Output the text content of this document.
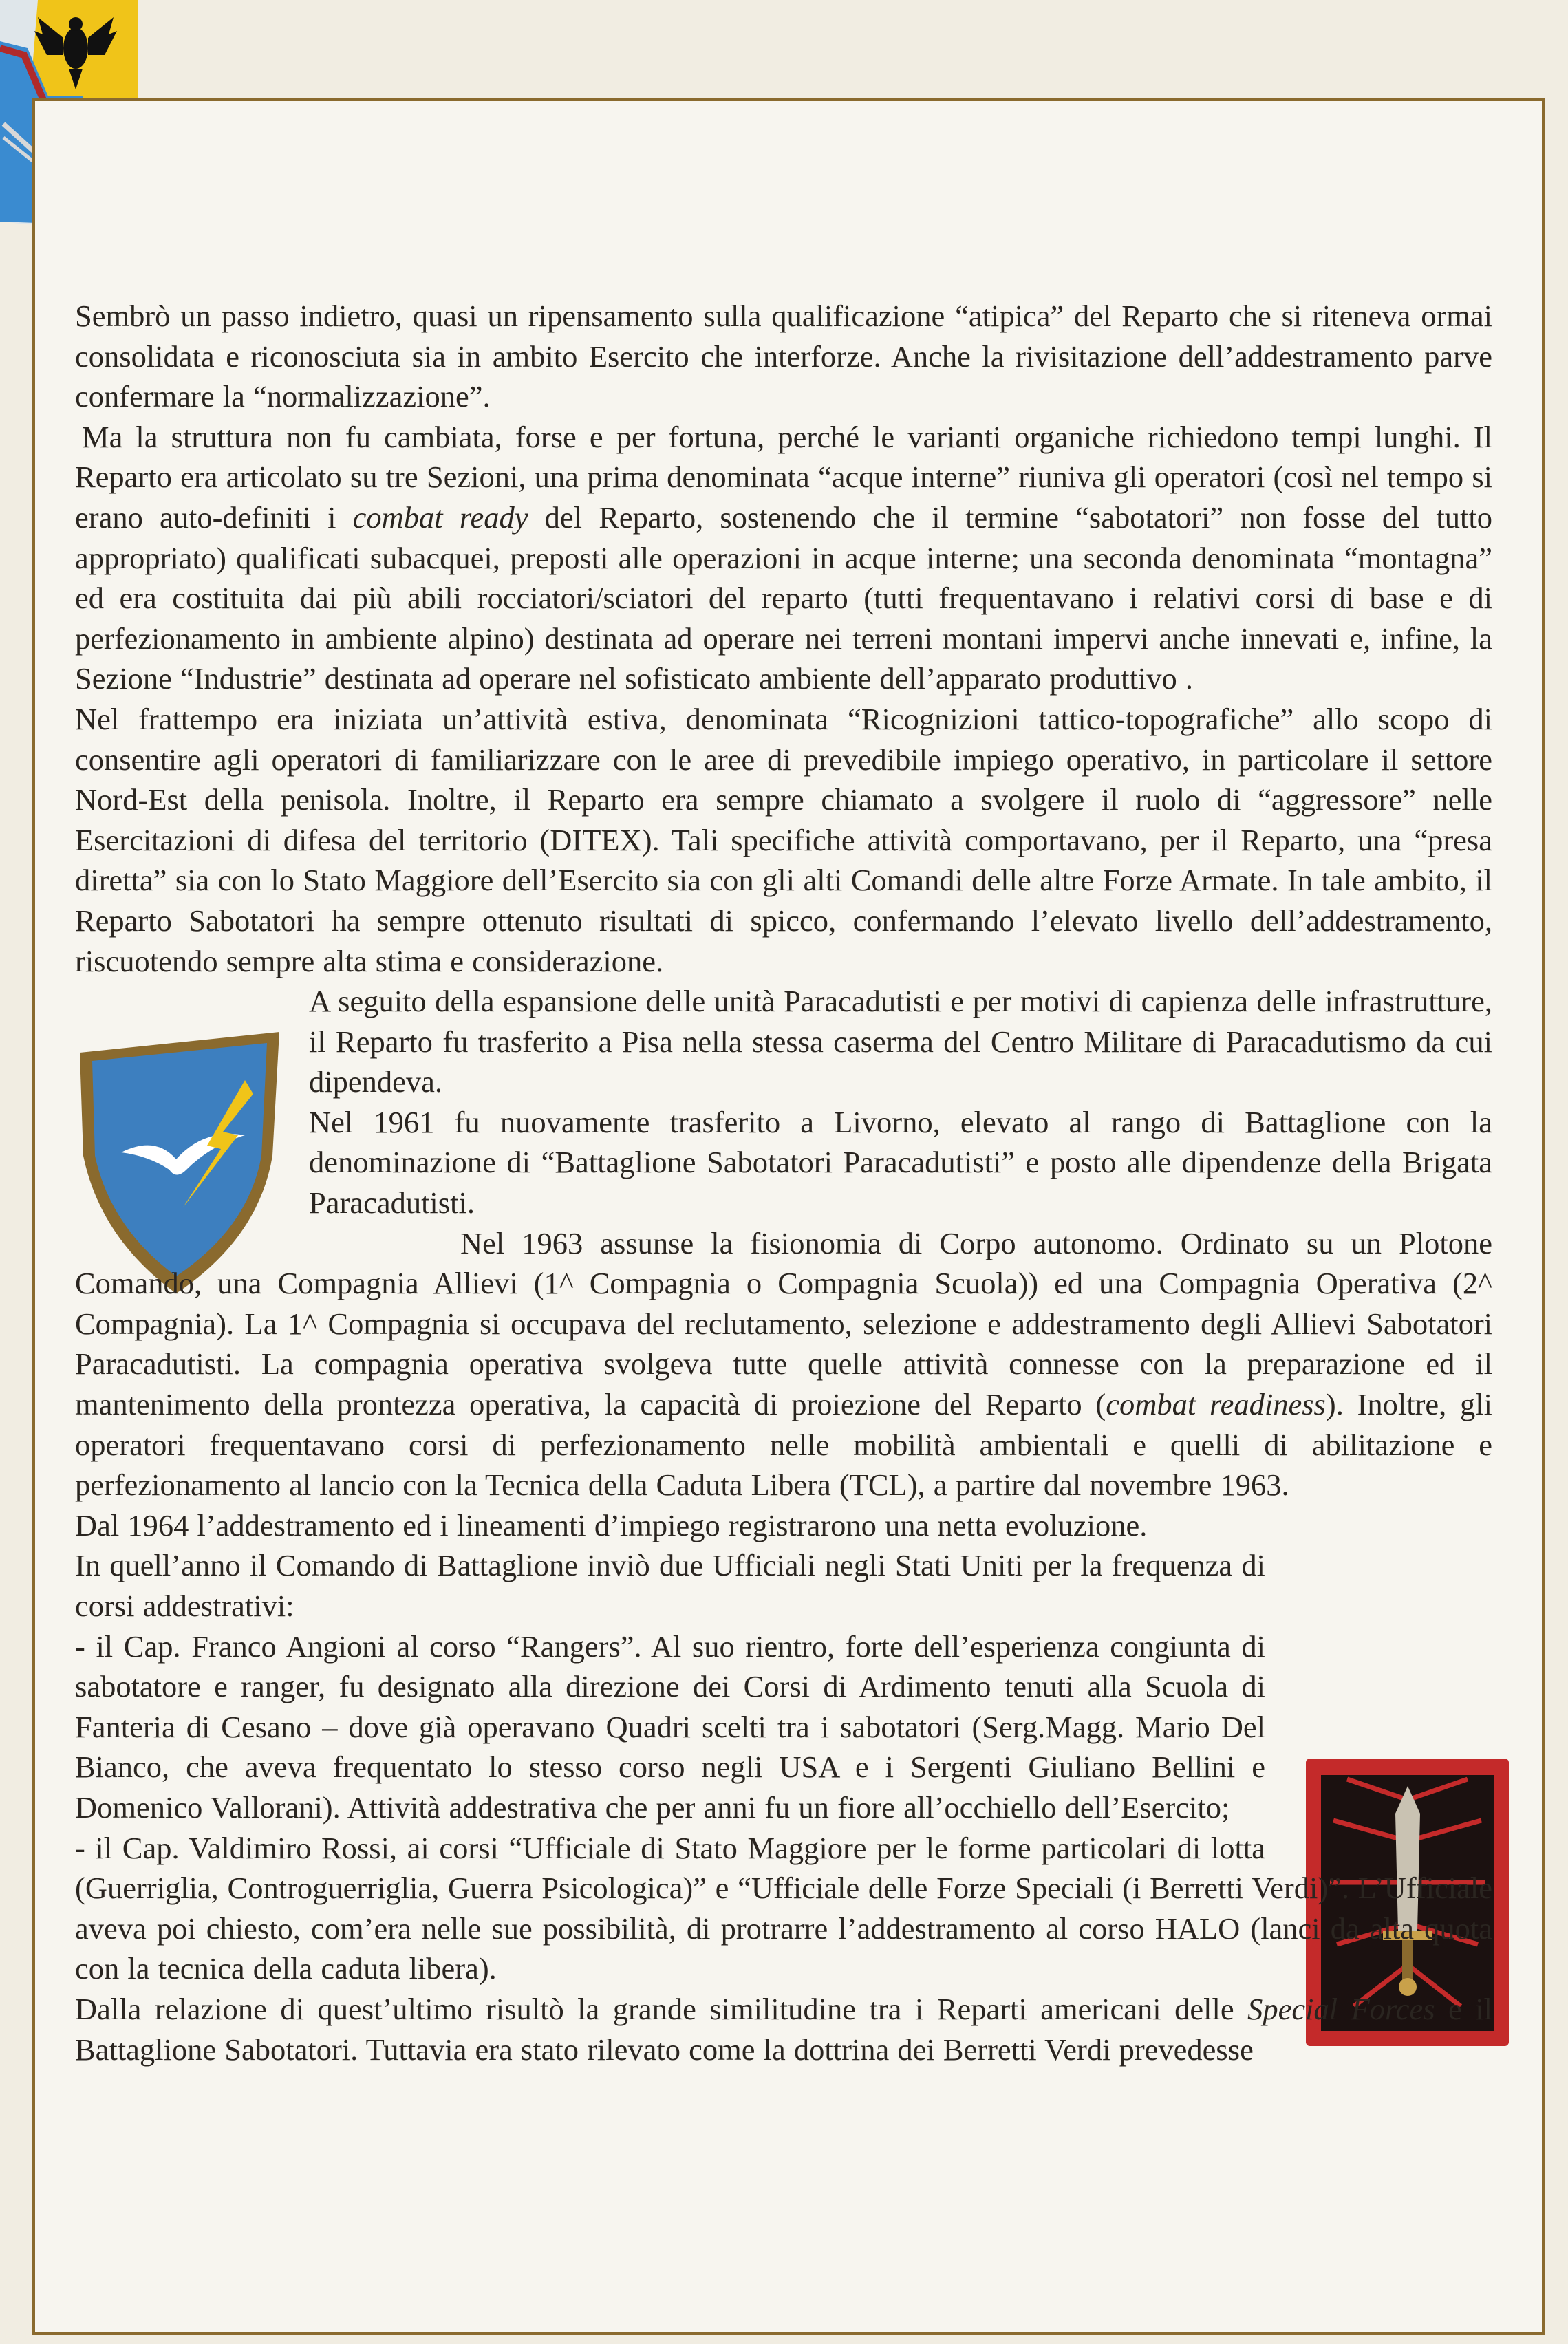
Sembrò un passo indietro, quasi un ripensamento sulla qualificazione “atipica” del Reparto che si riteneva ormai consolidata e riconosciuta sia in ambito Esercito che interforze. Anche la rivisitazione dell’addestramento parve confermare la “normalizzazione”.

Ma la struttura non fu cambiata, forse e per fortuna, perché le varianti organiche richiedono tempi lunghi. Il Reparto era articolato su tre Sezioni, una prima denominata “acque interne” riuniva gli operatori (così nel tempo si erano auto-definiti i combat ready del Reparto, sostenendo che il termine “sabotatori” non fosse del tutto appropriato) qualificati subacquei, preposti alle operazioni in acque interne; una seconda denominata “montagna” ed era costituita dai più abili rocciatori/sciatori del reparto (tutti frequentavano i relativi corsi di base e di perfezionamento in ambiente alpino) destinata ad operare nei terreni montani impervi anche innevati e, infine, la Sezione “Industrie” destinata ad operare nel sofisticato ambiente dell’apparato produttivo .

Nel frattempo era iniziata un’attività estiva, denominata “Ricognizioni tattico-topografiche” allo scopo di consentire agli operatori di familiarizzare con le aree di prevedibile impiego operativo, in particolare il settore Nord-Est della penisola. Inoltre, il Reparto era sempre chiamato a svolgere il ruolo di “aggressore” nelle Esercitazioni di difesa del territorio (DITEX). Tali specifiche attività comportavano, per il Reparto, una “presa diretta” sia con lo Stato Maggiore dell’Esercito sia con gli alti Comandi delle altre Forze Armate. In tale ambito, il Reparto Sabotatori ha sempre ottenuto risultati di spicco, confermando l’elevato livello dell’addestramento, riscuotendo sempre alta stima e considerazione.

A seguito della espansione delle unità Paracadutisti e per motivi di capienza delle infrastrutture, il Reparto fu trasferito a Pisa nella stessa caserma del Centro Militare di Paracadutismo da cui dipendeva.

Nel 1961 fu nuovamente trasferito a Livorno, elevato al rango di Battaglione con la denominazione di “Battaglione Sabotatori Paracadutisti” e posto alle dipendenze della Brigata Paracadutisti.

Nel 1963 assunse la fisionomia di Corpo autonomo. Ordinato su un Plotone Comando, una Compagnia Allievi (1^ Compagnia o Compagnia Scuola)) ed una Compagnia Operativa (2^ Compagnia). La 1^ Compagnia si occupava del reclutamento, selezione e addestramento degli Allievi Sabotatori Paracadutisti. La compagnia operativa svolgeva tutte quelle attività connesse con la preparazione ed il mantenimento della prontezza operativa, la capacità di proiezione del Reparto (combat readiness). Inoltre, gli operatori frequentavano corsi di perfezionamento nelle mobilità ambientali e quelli di abilitazione e perfezionamento al lancio con la Tecnica della Caduta Libera (TCL), a partire dal novembre 1963.

Dal 1964 l’addestramento ed i lineamenti d’impiego registrarono una netta evoluzione.

In quell’anno il Comando di Battaglione inviò due Ufficiali negli Stati Uniti per la frequenza di corsi addestrativi:

- il Cap. Franco Angioni al corso “Rangers”. Al suo rientro, forte dell’esperienza congiunta di sabotatore e ranger, fu designato alla direzione dei Corsi di Ardimento tenuti alla Scuola di Fanteria di Cesano – dove già operavano Quadri scelti tra i sabotatori (Serg.Magg. Mario Del Bianco, che aveva frequentato lo stesso corso negli USA e i Sergenti Giuliano Bellini e Domenico Vallorani). Attività addestrativa che per anni fu un fiore all’occhiello dell’Esercito;

- il Cap. Valdimiro Rossi, ai corsi “Ufficiale di Stato Maggiore per le forme particolari di lotta (Guerriglia, Controguerriglia, Guerra Psicologica)” e “Ufficiale delle Forze Speciali (i Berretti Verdi)”. L’Ufficiale aveva poi chiesto, com’era nelle sue possibilità, di protrarre l’addestramento al corso HALO (lanci da alta quota con la tecnica della caduta libera).

Dalla relazione di quest’ultimo risultò la grande similitudine tra i Reparti americani delle Special Forces e il Battaglione Sabotatori. Tuttavia era stato rilevato come la dottrina dei Berretti Verdi prevedesse
